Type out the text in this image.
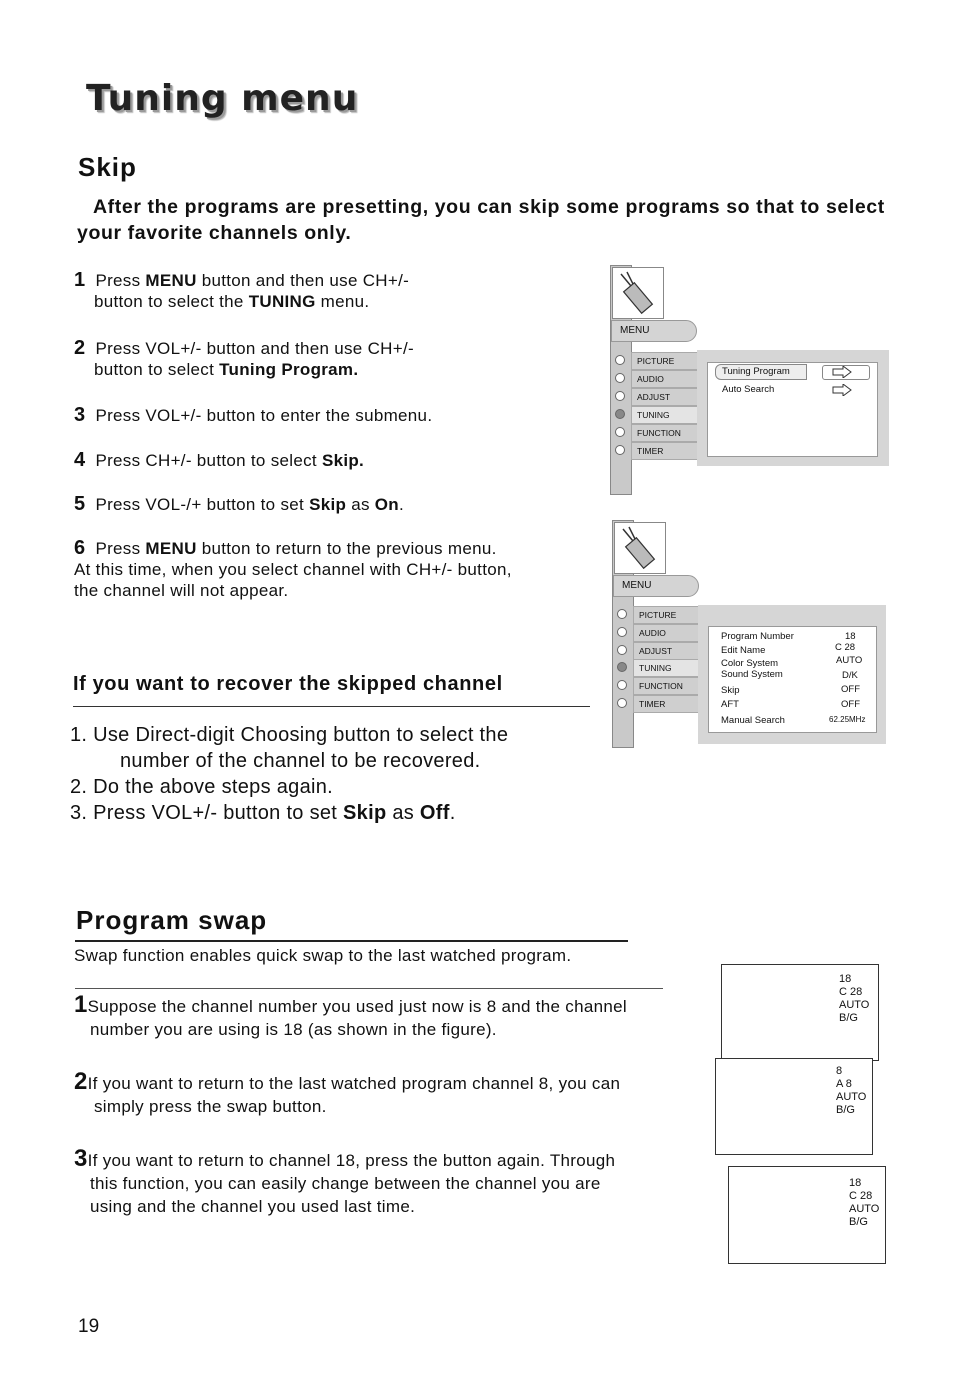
Tuning menu
Skip
After the programs are presetting, you can skip some programs so that to select your favorite channels only.
1 Press MENU button and then use CH+/-
button to select the TUNING menu.
2 Press VOL+/- button and then use CH+/-
button to select Tuning Program.
3 Press VOL+/- button to enter the submenu.
4 Press CH+/- button to select Skip.
5 Press VOL-/+ button to set Skip as On.
6 Press MENU button to return to the previous menu.
At this time, when you select channel with CH+/- button,
the channel will not appear.
If you want to recover the skipped channel
1. Use Direct-digit Choosing button to select the
number of the channel to be recovered.
2. Do the above steps again.
3. Press VOL+/- button to set Skip as Off.
MENU
PICTURE
AUDIO
ADJUST
TUNING
FUNCTION
TIMER
Tuning Program
Auto Search
MENU
PICTURE
AUDIO
ADJUST
TUNING
FUNCTION
TIMER
Program Number
Edit Name
Color System
Sound System
Skip
AFT
Manual Search
18
C 28
AUTO
D/K
OFF
OFF
62.25MHz
Program swap
Swap function enables quick swap to the last watched program.
1Suppose the channel number you used just now is 8 and the channel
number you are using is 18 (as shown in the figure).
2If you want to return to the last watched program channel 8, you can
simply press the swap button.
3If you want to return to channel 18, press the button again. Through
this function, you can easily change between the channel you are
using and the channel you used last time.
18
C 28
AUTO
B/G
8
A 8
AUTO
B/G
18
C 28
AUTO
B/G
19
